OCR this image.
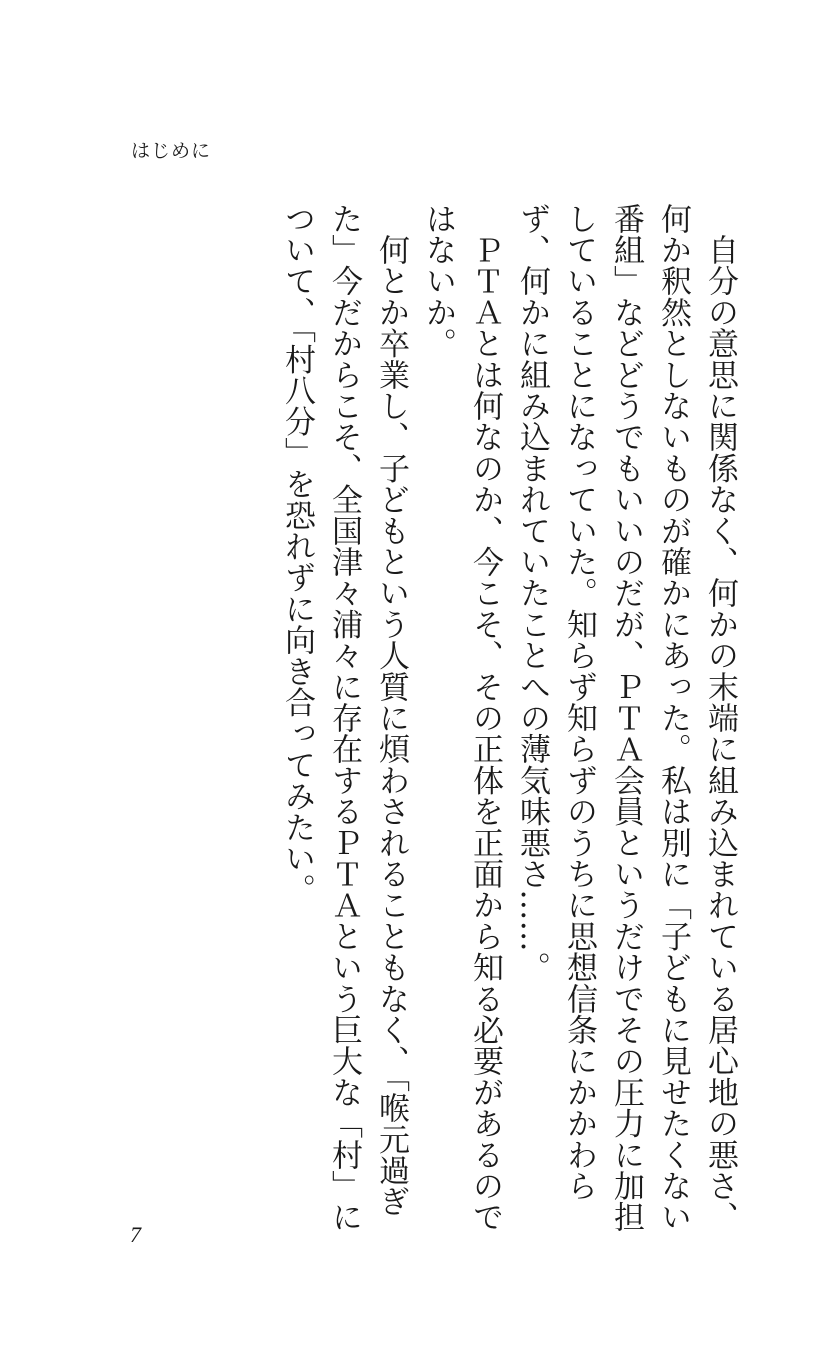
はじめに

　自分の意思に関係なく、何かの末端に組み込まれている居心地の悪さ、何か釈然としないものが確かにあった。私は別に「子どもに見せたくない番組」などどうでもいいのだが、ＰＴＡ会員というだけでその圧力に加担していることになっていた。知らず知らずのうちに思想信条にかかわらず、何かに組み込まれていたことへの薄気味悪さ……。

　ＰＴＡとは何なのか、今こそ、その正体を正面から知る必要があるのではないか。

　何とか卒業し、子どもという人質に煩わされることもなく、「喉元過ぎた」今だからこそ、全国津々浦々に存在するＰＴＡという巨大な「村」について、「村八分」を恐れずに向き合ってみたい。

7
